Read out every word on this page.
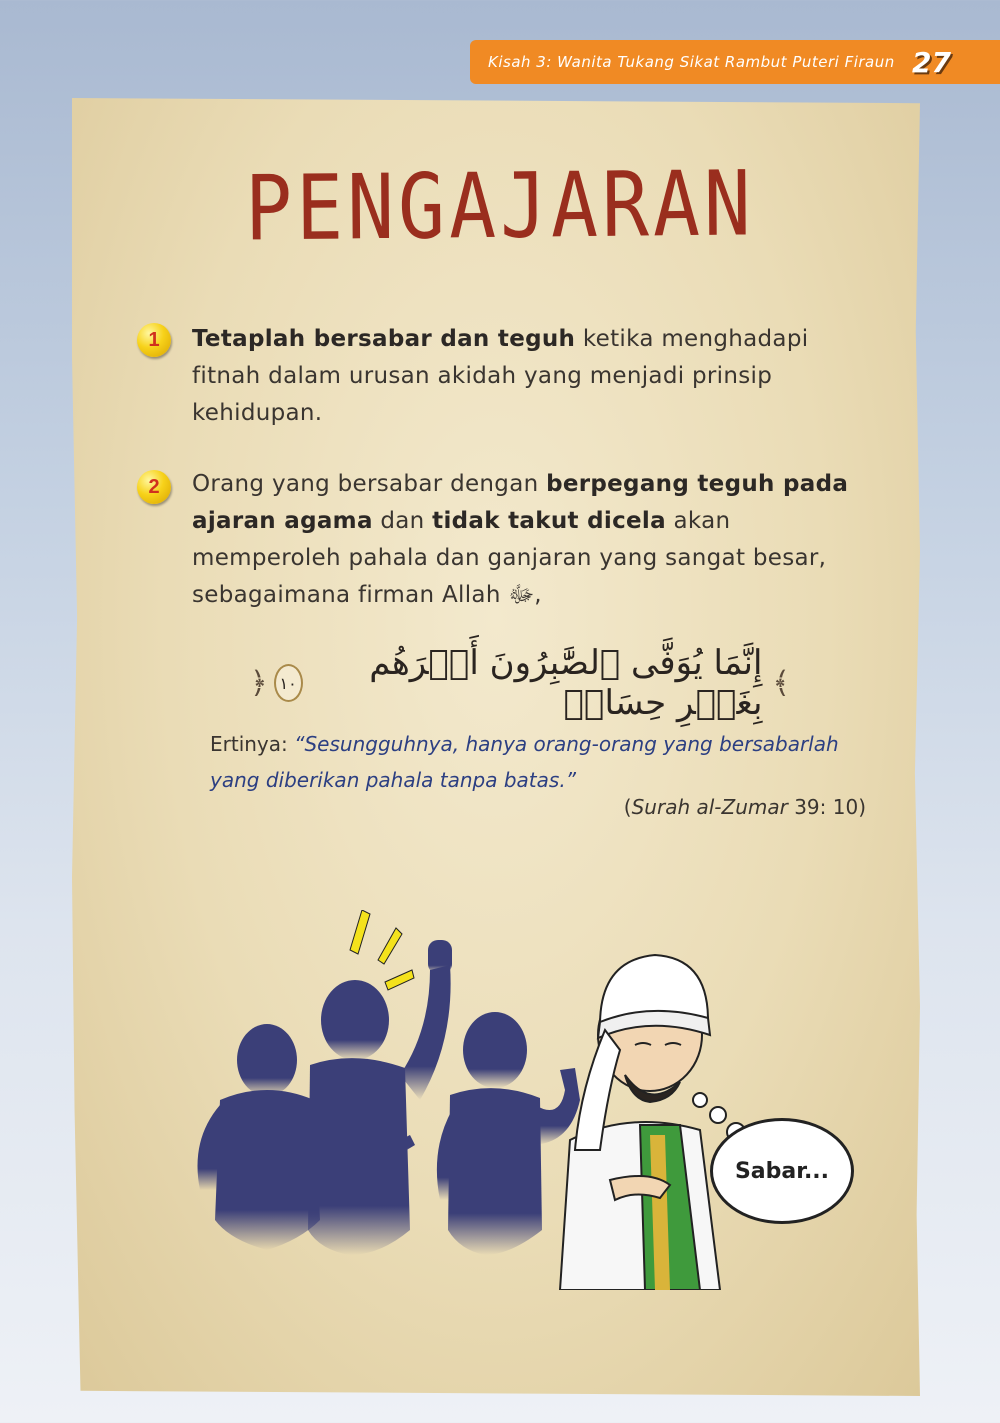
Kisah 3: Wanita Tukang Sikat Rambut Puteri Firaun 27
PENGAJARAN
1	Tetaplah bersabar dan teguh ketika menghadapi fitnah dalam urusan akidah yang menjadi prinsip kehidupan.
2	Orang yang bersabar dengan berpegang teguh pada ajaran agama dan tidak takut dicela akan memperoleh pahala dan ganjaran yang sangat besar, sebagaimana firman Allah ﷻ,
﴿ ١٠	إِنَّمَا يُوَفَّى ٱلصَّٰبِرُونَ أَجۡرَهُم بِغَيۡرِ حِسَابٖ ﴾
Ertinya: “Sesungguhnya, hanya orang-orang yang bersabarlah yang diberikan pahala tanpa batas.”
(Surah al-Zumar 39: 10)
Sabar...
